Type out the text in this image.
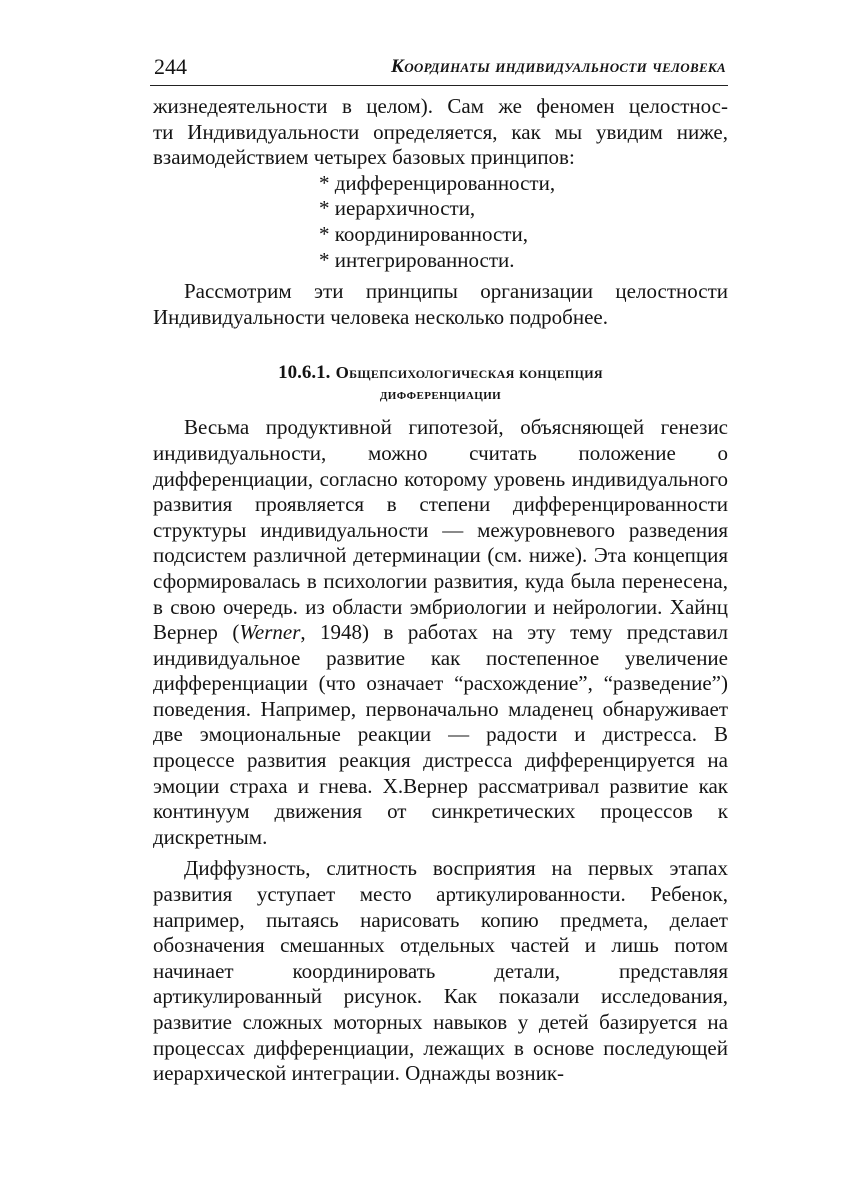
244	Координаты индивидуальности человека

жизнедеятельности в целом). Сам же феномен целостнос-
ти Индивидуальности определяется, как мы увидим ниже,

взаимодействием четырех базовых принципов:

* дифференцированности,
* иерархичности,
* координированности,
* интегрированности.

Рассмотрим эти принципы организации целостности Индивидуальности человека несколько подробнее.

10.6.1. Общепсихологическая концепция
дифференциации

Весьма продуктивной гипотезой, объясняющей генезис индивидуальности, можно считать положение о дифференциации, согласно которому уровень индивидуального развития проявляется в степени дифференцированности структуры индивидуальности — межуровневого разведения подсистем различной детерминации (см. ниже). Эта концепция сформировалась в психологии развития, куда была перенесена, в свою очередь. из области эмбриологии и нейрологии. Хайнц Вернер (Werner, 1948) в работах на эту тему представил индивидуальное развитие как постепенное увеличение дифференциации (что означает “расхождение”, “разведение”) поведения. Например, первоначально младенец обнаруживает две эмоциональные реакции — радости и дистресса. В процессе развития реакция дистресса дифференцируется на эмоции страха и гнева. Х.Вернер рассматривал развитие как континуум движения от синкретических процессов к дискретным.

Диффузность, слитность восприятия на первых этапах развития уступает место артикулированности. Ребенок, например, пытаясь нарисовать копию предмета, делает обозначения смешанных отдельных частей и лишь потом начинает координировать детали, представляя артикулированный рисунок. Как показали исследования, развитие сложных моторных навыков у детей базируется на процессах дифференциации, лежащих в основе последующей иерархической интеграции. Однажды возник-
